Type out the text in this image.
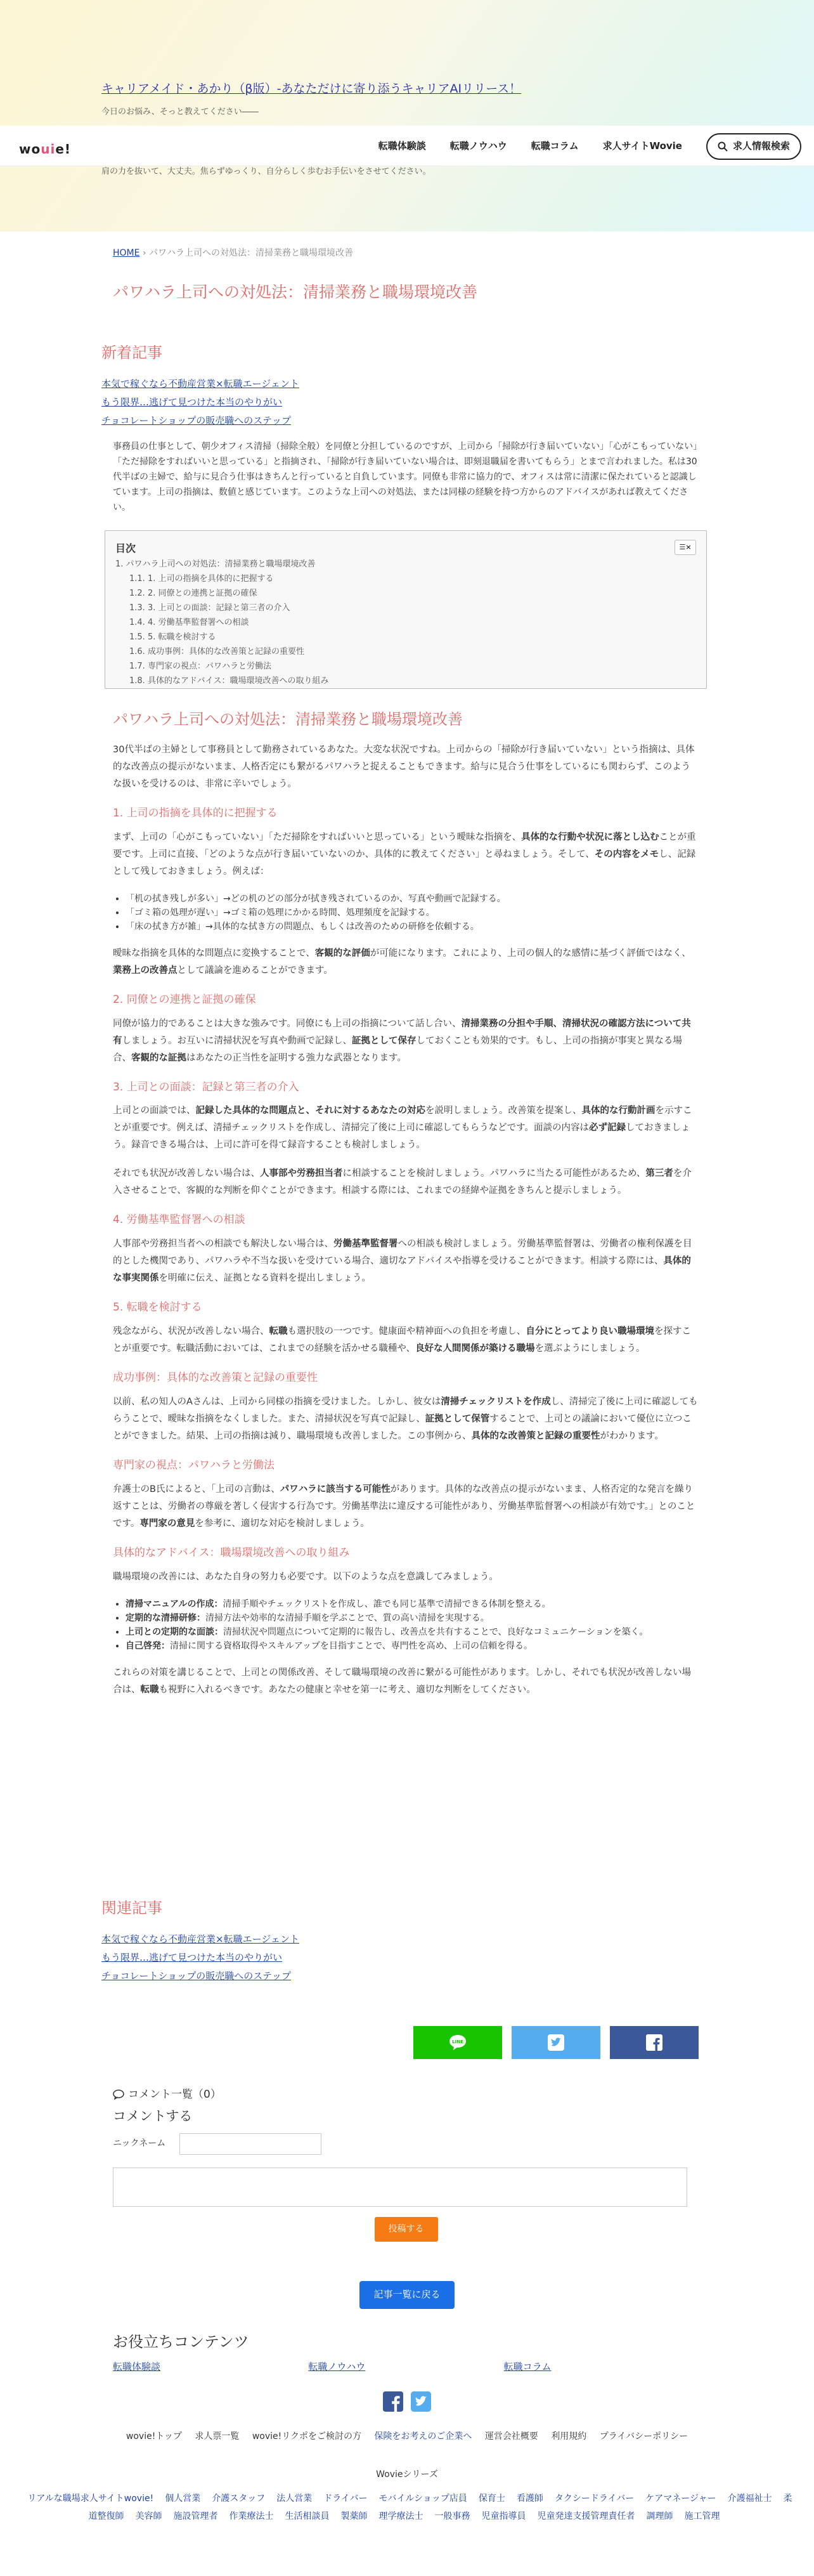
キャリアメイド・あかり（β版）-あなただけに寄り添うキャリアAIリリース！
今日のお悩み、そっと教えてください――
肩の力を抜いて、大丈夫。焦らずゆっくり、自分らしく歩むお手伝いをさせてください。
wouie!	転職体験談	転職ノウハウ	転職コラム	求人サイトWovie	求人情報検索
HOME › パワハラ上司への対処法：清掃業務と職場環境改善
パワハラ上司への対処法：清掃業務と職場環境改善
新着記事
本気で稼ぐなら不動産営業×転職エージェント
もう限界…逃げて見つけた本当のやりがい
チョコレートショップの販売職へのステップ

事務員の仕事として、朝少オフィス清掃（掃除全般）を同僚と分担しているのですが、上司から「掃除が行き届いていない」「心がこもっていない」「ただ掃除をすればいいと思っている」と指摘され、「掃除が行き届いていない場合は、即刻退職届を書いてもらう」とまで言われました。私は30代半ばの主婦で、給与に見合う仕事はきちんと行っていると自負しています。同僚も非常に協力的で、オフィスは常に清潔に保たれていると認識しています。上司の指摘は、数値と感じています。このような上司への対処法、または同様の経験を持つ方からのアドバイスがあれば教えてください。

目次	☰×
1. パワハラ上司への対処法：清掃業務と職場環境改善
1.1. 1. 上司の指摘を具体的に把握する
1.2. 2. 同僚との連携と証拠の確保
1.3. 3. 上司との面談：記録と第三者の介入
1.4. 4. 労働基準監督署への相談
1.5. 5. 転職を検討する
1.6. 成功事例：具体的な改善策と記録の重要性
1.7. 専門家の視点：パワハラと労働法
1.8. 具体的なアドバイス：職場環境改善への取り組み
パワハラ上司への対処法：清掃業務と職場環境改善

30代半ばの主婦として事務員として勤務されているあなた。大変な状況ですね。上司からの「掃除が行き届いていない」という指摘は、具体的な改善点の提示がないまま、人格否定にも繋がるパワハラと捉えることもできます。給与に見合う仕事をしているにも関わらず、このような扱いを受けるのは、非常に辛いでしょう。

1. 上司の指摘を具体的に把握する

まず、上司の「心がこもっていない」「ただ掃除をすればいいと思っている」という曖昧な指摘を、具体的な行動や状況に落とし込むことが重要です。上司に直接、「どのような点が行き届いていないのか、具体的に教えてください」と尋ねましょう。そして、その内容をメモし、記録として残しておきましょう。例えば：

• 「机の拭き残しが多い」→どの机のどの部分が拭き残されているのか、写真や動画で記録する。
• 「ゴミ箱の処理が遅い」→ゴミ箱の処理にかかる時間、処理頻度を記録する。
• 「床の拭き方が雑」→具体的な拭き方の問題点、もしくは改善のための研修を依頼する。

曖昧な指摘を具体的な問題点に変換することで、客観的な評価が可能になります。これにより、上司の個人的な感情に基づく評価ではなく、業務上の改善点として議論を進めることができます。

2. 同僚との連携と証拠の確保

同僚が協力的であることは大きな強みです。同僚にも上司の指摘について話し合い、清掃業務の分担や手順、清掃状況の確認方法について共有しましょう。お互いに清掃状況を写真や動画で記録し、証拠として保存しておくことも効果的です。もし、上司の指摘が事実と異なる場合、客観的な証拠はあなたの正当性を証明する強力な武器となります。

3. 上司との面談：記録と第三者の介入

上司との面談では、記録した具体的な問題点と、それに対するあなたの対応を説明しましょう。改善策を提案し、具体的な行動計画を示すことが重要です。例えば、清掃チェックリストを作成し、清掃完了後に上司に確認してもらうなどです。面談の内容は必ず記録しておきましょう。録音できる場合は、上司に許可を得て録音することも検討しましょう。

それでも状況が改善しない場合は、人事部や労務担当者に相談することを検討しましょう。パワハラに当たる可能性があるため、第三者を介入させることで、客観的な判断を仰ぐことができます。相談する際には、これまでの経緯や証拠をきちんと提示しましょう。

4. 労働基準監督署への相談

人事部や労務担当者への相談でも解決しない場合は、労働基準監督署への相談も検討しましょう。労働基準監督署は、労働者の権利保護を目的とした機関であり、パワハラや不当な扱いを受けている場合、適切なアドバイスや指導を受けることができます。相談する際には、具体的な事実関係を明確に伝え、証拠となる資料を提出しましょう。

5. 転職を検討する

残念ながら、状況が改善しない場合、転職も選択肢の一つです。健康面や精神面への負担を考慮し、自分にとってより良い職場環境を探すことが重要です。転職活動においては、これまでの経験を活かせる職種や、良好な人間関係が築ける職場を選ぶようにしましょう。

成功事例：具体的な改善策と記録の重要性

以前、私の知人のAさんは、上司から同様の指摘を受けました。しかし、彼女は清掃チェックリストを作成し、清掃完了後に上司に確認してもらうことで、曖昧な指摘をなくしました。また、清掃状況を写真で記録し、証拠として保管することで、上司との議論において優位に立つことができました。結果、上司の指摘は減り、職場環境も改善しました。この事例から、具体的な改善策と記録の重要性がわかります。

専門家の視点：パワハラと労働法

弁護士のB氏によると、「上司の言動は、パワハラに該当する可能性があります。具体的な改善点の提示がないまま、人格否定的な発言を繰り返すことは、労働者の尊厳を著しく侵害する行為です。労働基準法に違反する可能性があり、労働基準監督署への相談が有効です。」とのことです。専門家の意見を参考に、適切な対応を検討しましょう。

具体的なアドバイス：職場環境改善への取り組み

職場環境の改善には、あなた自身の努力も必要です。以下のような点を意識してみましょう。

• 清掃マニュアルの作成：清掃手順やチェックリストを作成し、誰でも同じ基準で清掃できる体制を整える。
• 定期的な清掃研修：清掃方法や効率的な清掃手順を学ぶことで、質の高い清掃を実現する。
• 上司との定期的な面談：清掃状況や問題点について定期的に報告し、改善点を共有することで、良好なコミュニケーションを築く。
• 自己啓発：清掃に関する資格取得やスキルアップを目指すことで、専門性を高め、上司の信頼を得る。

これらの対策を講じることで、上司との関係改善、そして職場環境の改善に繋がる可能性があります。しかし、それでも状況が改善しない場合は、転職も視野に入れるべきです。あなたの健康と幸せを第一に考え、適切な判断をしてください。

関連記事
本気で稼ぐなら不動産営業×転職エージェント
もう限界…逃げて見つけた本当のやりがい
チョコレートショップの販売職へのステップ
LINE
コメント一覧（0）
コメントする
ニックネーム
投稿する
記事一覧に戻る
お役立ちコンテンツ
転職体験談	転職ノウハウ	転職コラム

wovie!トップ 求人票一覧 wovie!リクポをご検討の方 保険をお考えのご企業へ 運営会社概要 利用規約 プライバシーポリシー
Wovieシリーズ
リアルな職場求人サイトwovie! 個人営業 介護スタッフ 法人営業 ドライバー モバイルショップ店員 保育士 看護師 タクシードライバー ケアマネージャー 介護福祉士 柔道整復師 美容師 施設管理者 作業療法士 生活相談員 製薬師 理学療法士 一般事務 児童指導員 児童発達支援管理責任者 調理師 施工管理
